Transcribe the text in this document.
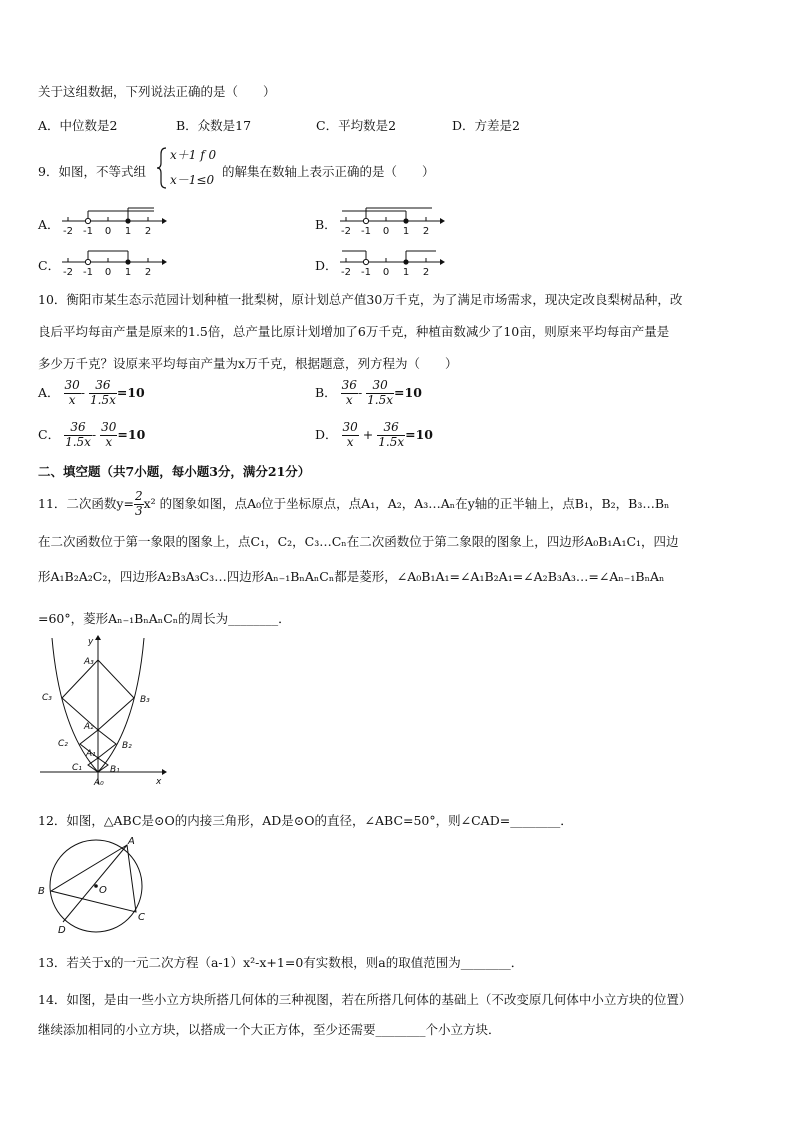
关于这组数据，下列说法正确的是（　　）
A．中位数是2	B．众数是17	C．平均数是2	D．方差是2
9．如图，不等式组
x＋1 f 0
x－1≤0
的解集在数轴上表示正确的是（　　）
A． -2 -1 0 1 2	B． -2 -1 0 1 2
C． -2 -1 0 1 2	D． -2 -1 0 1 2
10．衡阳市某生态示范园计划种植一批梨树，原计划总产值30万千克，为了满足市场需求，现决定改良梨树品种，改
良后平均每亩产量是原来的1.5倍，总产量比原计划增加了6万千克，种植亩数减少了10亩，则原来平均每亩产量是
多少万千克？设原来平均每亩产量为x万千克，根据题意，列方程为（　　）
A． $\frac{30}{x} - \frac{36}{1.5x} =10$	B． $\frac{36}{x} - \frac{30}{1.5x} =10$
C． $\frac{36}{1.5x} - \frac{30}{x} =10$	D． $\frac{30}{x} + \frac{36}{1.5x} =10$
二、填空题（共7小题，每小题3分，满分21分）
11．二次函数$y= \frac{2}{3} x^2$ 的图象如图，点A₀位于坐标原点，点A₁，A₂，A₃…Aₙ在y轴的正半轴上，点B₁，B₂，B₃…Bₙ
在二次函数位于第一象限的图象上，点C₁，C₂，C₃…Cₙ在二次函数位于第二象限的图象上，四边形A₀B₁A₁C₁，四边
形A₁B₂A₂C₂，四边形A₂B₃A₃C₃…四边形Aₙ₋₁BₙAₙCₙ都是菱形，∠A₀B₁A₁=∠A₁B₂A₁=∠A₂B₃A₃…=∠Aₙ₋₁BₙAₙ
=60°，菱形Aₙ₋₁BₙAₙCₙ的周长为________．
y
x
A₀
A₁
A₂
A₃
B₁
B₂
B₃
C₁
C₂
C₃
12．如图，△ABC是⊙O的内接三角形，AD是⊙O的直径，∠ABC=50°，则∠CAD=________．
A
B
C
D
O
13．若关于x的一元二次方程（a-1）x²-x+1=0有实数根，则a的取值范围为________．
14．如图，是由一些小立方块所搭几何体的三种视图，若在所搭几何体的基础上（不改变原几何体中小立方块的位置）
继续添加相同的小立方块，以搭成一个大正方体，至少还需要________个小立方块．
